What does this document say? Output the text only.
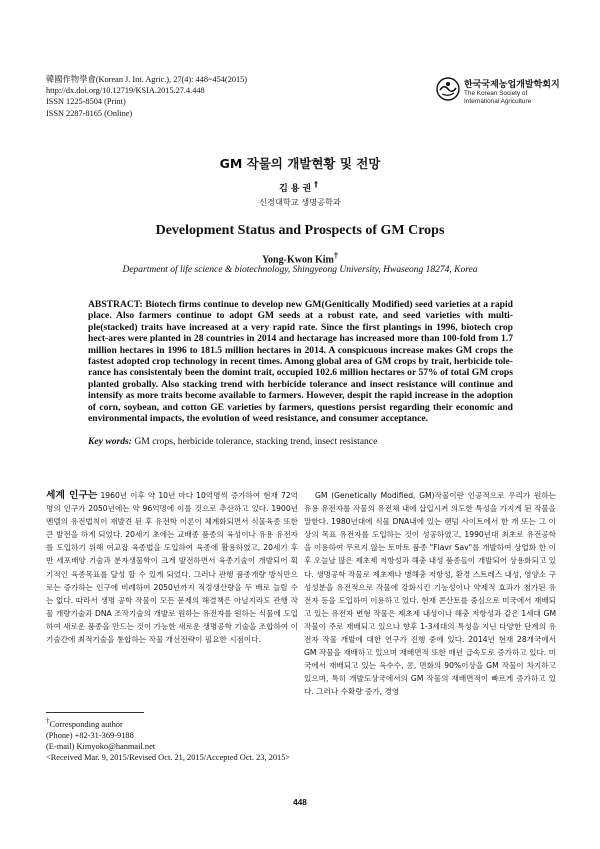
韓國作物學會(Korean J. Int. Agric.), 27(4): 448~454(2015)
http://dx.doi.org/10.12719/KSIA.2015.27.4.448
ISSN 1225-8504 (Print)
ISSN 2287-8165 (Online)
한국국제농업개발학회지
The Korean Society of International Agriculture
GM 작물의 개발현황 및 전망
김용권†
신경대학교 생명공학과
Development Status and Prospects of GM Crops
Yong-Kwon Kim†
Department of life science & biotechnology, Shingyeong University, Hwaseong 18274, Korea
ABSTRACT: Biotech firms continue to develop new GM(Genitically Modified) seed varieties at a rapid place. Also farmers continue to adopt GM seeds at a robust rate, and seed varieties with multi-ple(stacked) traits have increased at a very rapid rate. Since the first plantings in 1996, biotech crop hect-ares were planted in 28 countries in 2014 and hectarage has increased more than 100-fold from 1.7 million hectares in 1996 to 181.5 million hectares in 2014. A conspicuous increase makes GM crops the fastest adopted crop technology in recent times. Among global area of GM crops by trait, herbicide tole-rance has consistentaly been the domint trait, occupied 102.6 million hectares or 57% of total GM crops planted grobally. Also stacking trend with herbicide tolerance and insect resistance will continue and intensify as more traits become available to farmers. However, despit the rapid increase in the adoption of corn, soybean, and cotton GE varieties by farmers, questions persist regarding their economic and environmental impacts, the evolution of weed resistance, and consumer acceptance.
Key words: GM crops, herbicide tolerance, stacking trend, insect resistance

세계 인구는 1960년 이후 약 10년 마다 10억명씩 증가하여 현재 72억명의 인구가 2050년에는 약 96억명에 이를 것으로 추산하고 있다. 1900년 멘델의 유전법칙이 재발견 된 후 유전학 이론이 체계화되면서 식물육종 또한 큰 발전을 하게 되었다. 20세기 초에는 교배종 품종의 육성이나 유용 유전자를 도입하기 위해 여교잡 육종법을 도입하여 육종에 활용하였고, 20세기 후반 세포배양 기술과 분자생물학이 크게 발전하면서 육종기술이 개발되어 획기적인 육종목표를 달성 할 수 있게 되었다. 그러나 관행 품종개량 방식만으로는 증가하는 인구에 비례하여 2050년까지 적정생산량을 두 배로 늘릴 수는 없다. 따라서 생명 공학 작물이 모든 문제의 해결책은 아닐지라도 관행 작물 개량기술과 DNA 조작기술의 개발로 원하는 유전자를 원하는 식물에 도입하여 새로운 품종을 만드는 것이 가능한 새로운 생명공학 기술을 조합하여 이 기술간에 최적기술을 통합하는 작물 개선전략이 필요한 시점이다.

GM (Genetically Modified, GM)작물이란 인공적으로 우리가 원하는 유용 유전자를 작물의 유전체 내에 삽입시켜 의도한 특성을 가지게 된 작물을 말한다. 1980년대에 식물 DNA내에 있는 랜덤 사이트에서 한 개 또는 그 이상의 목표 유전자를 도입하는 것이 성공하였고, 1990년대 최초로 유전공학을 이용하여 무르지 않는 토마토 품종 "Flavr Sav"를 개발하여 상업화 한 이후 오늘날 많은 제초제 저항성과 해충 내성 품종들이 개발되어 상용화되고 있다. 생명공학 작물로 제초제나 병해충 저항성, 환경 스트레스 내성, 영양소 구성성분을 유전적으로 작물에 강화시킨 기능성이나 약제적 효과가 첨가된 유전자 등을 도입하여 이용하고 있다. 현재 콘산토를 중심으로 미국에서 재배되고 있는 유전자 변형 작물은 제초제 내성이나 해충 저항성과 같은 1세대 GM 작물이 주로 재배되고 있으나 향후 1-3세대의 특성을 지닌 다양한 단계의 유전자 작물 개발에 대한 연구가 진행 중에 있다. 2014년 현재 28개국에서 GM 작물을 재배하고 있으며 재배면적 또한 매년 급속도로 증가하고 있다. 미국에서 재배되고 있는 옥수수, 콩, 면화의 90%이상을 GM 작물이 차지하고 있으며, 특히 개발도상국에서의 GM 작물의 재배면적이 빠르게 증가하고 있다. 그러나 수확량 증가, 경영

†Corresponding author
(Phone) +82-31-369-9188
(E-mail) Kimyoko@hanmail.net
<Received Mar. 9, 2015/Revised Oct. 21, 2015/Accepted Oct. 23, 2015>
448
